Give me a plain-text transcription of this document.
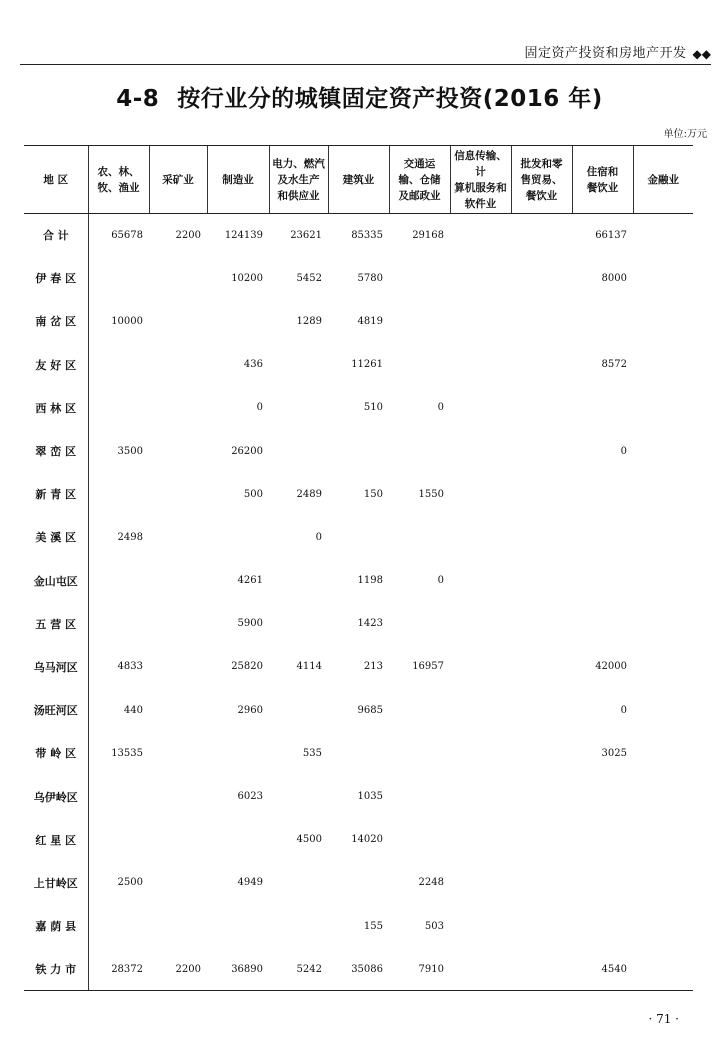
固定资产投资和房地产开发 ◆◆
4-8 按行业分的城镇固定资产投资(2016 年)
单位:万元
地 区	农、林、
牧、渔业	采矿业	制造业	电力、燃汽
及水生产
和供应业	建筑业	交通运
输、仓储
及邮政业	信息传输、计
算机服务和
软件业	批发和零
售贸易、
餐饮业	住宿和
餐饮业	金融业
合 计	65678	2200	124139	23621	85335	29168			66137	
伊 春 区			10200	5452	5780				8000	
南 岔 区	10000			1289	4819					
友 好 区			436		11261				8572	
西 林 区			0		510	0				
翠 峦 区	3500		26200						0	
新 青 区			500	2489	150	1550				
美 溪 区	2498			0						
金山屯区			4261		1198	0				
五 营 区			5900		1423					
乌马河区	4833		25820	4114	213	16957			42000	
汤旺河区	440		2960		9685				0	
带 岭 区	13535			535					3025	
乌伊岭区			6023		1035					
红 星 区				4500	14020					
上甘岭区	2500		4949			2248				
嘉 荫 县					155	503				
铁 力 市	28372	2200	36890	5242	35086	7910			4540	
· 71 ·
